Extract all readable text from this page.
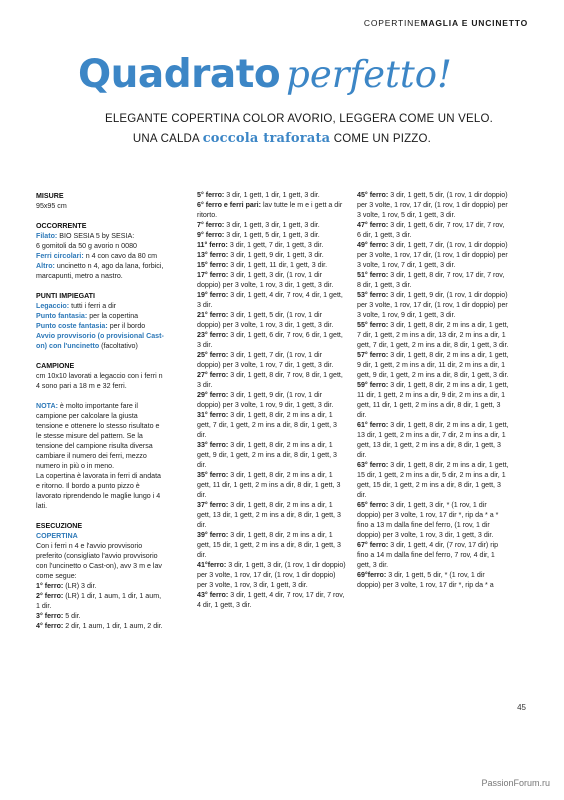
COPERTINEMAGLIA E UNCINETTO
Quadrato perfetto!
ELEGANTE COPERTINA COLOR AVORIO, LEGGERA COME UN VELO.
UNA CALDA coccola traforata COME UN PIZZO.

MISURE

95x95 cm

OCCORRENTE

Filato: BIO SESIA 5 by SESIA:

6 gomitoli da 50 g avorio n 0080

Ferri circolari: n 4 con cavo da 80 cm

Altro: uncinetto n 4, ago da lana, forbici, marcapunti, metro a nastro.

PUNTI IMPIEGATI

Legaccio: tutti i ferri a dir

Punto fantasia: per la copertina

Punto coste fantasia: per il bordo

Avvio provvisorio (o provisional Cast-on) con l'uncinetto (facoltativo)

CAMPIONE

cm 10x10 lavorati a legaccio con i ferri n 4 sono pari a 18 m e 32 ferri.

NOTA: è molto importante fare il campione per calcolare la giusta tensione e ottenere lo stesso risultato e le stesse misure del pattern. Se la tensione del campione risulta diversa cambiare il numero dei ferri, mezzo numero in più o in meno.

La copertina è lavorata in ferri di andata e ritorno. Il bordo a punto pizzo è lavorato riprendendo le maglie lungo i 4 lati.

ESECUZIONE

COPERTINA

Con i ferri n 4 e l'avvio provvisorio preferito (consigliato l'avvio provvisorio con l'uncinetto o Cast-on), avv 3 m e lav come segue:

1° ferro: (LR) 3 dir.

2° ferro: (LR) 1 dir, 1 aum, 1 dir, 1 aum, 1 dir.

3° ferro: 5 dir.

4° ferro: 2 dir, 1 aum, 1 dir, 1 aum, 2 dir.

5° ferro: 3 dir, 1 gett, 1 dir, 1 gett, 3 dir.

6° ferro e ferri pari: lav tutte le m e i gett a dir ritorto.

7° ferro: 3 dir, 1 gett, 3 dir, 1 gett, 3 dir.

9° ferro: 3 dir, 1 gett, 5 dir, 1 gett, 3 dir.

11° ferro: 3 dir, 1 gett, 7 dir, 1 gett, 3 dir.

13° ferro: 3 dir, 1 gett, 9 dir, 1 gett, 3 dir.

15° ferro: 3 dir, 1 gett, 11 dir, 1 gett, 3 dir.

17° ferro: 3 dir, 1 gett, 3 dir, (1 rov, 1 dir doppio) per 3 volte, 1 rov, 3 dir, 1 gett, 3 dir.

19° ferro: 3 dir, 1 gett, 4 dir, 7 rov, 4 dir, 1 gett, 3 dir.

21° ferro: 3 dir, 1 gett, 5 dir, (1 rov, 1 dir doppio) per 3 volte, 1 rov, 3 dir, 1 gett, 3 dir.

23° ferro: 3 dir, 1 gett, 6 dir, 7 rov, 6 dir, 1 gett, 3 dir.

25° ferro: 3 dir, 1 gett, 7 dir, (1 rov, 1 dir doppio) per 3 volte, 1 rov, 7 dir, 1 gett, 3 dir.

27° ferro: 3 dir, 1 gett, 8 dir, 7 rov, 8 dir, 1 gett, 3 dir.

29° ferro: 3 dir, 1 gett, 9 dir, (1 rov, 1 dir doppio) per 3 volte, 1 rov, 9 dir, 1 gett, 3 dir.

31° ferro: 3 dir, 1 gett, 8 dir, 2 m ins a dir, 1 gett, 7 dir, 1 gett, 2 m ins a dir, 8 dir, 1 gett, 3 dir.

33° ferro: 3 dir, 1 gett, 8 dir, 2 m ins a dir, 1 gett, 9 dir, 1 gett, 2 m ins a dir, 8 dir, 1 gett, 3 dir.

35° ferro: 3 dir, 1 gett, 8 dir, 2 m ins a dir, 1 gett, 11 dir, 1 gett, 2 m ins a dir, 8 dir, 1 gett, 3 dir.

37° ferro: 3 dir, 1 gett, 8 dir, 2 m ins a dir, 1 gett, 13 dir, 1 gett, 2 m ins a dir, 8 dir, 1 gett, 3 dir.

39° ferro: 3 dir, 1 gett, 8 dir, 2 m ins a dir, 1 gett, 15 dir, 1 gett, 2 m ins a dir, 8 dir, 1 gett, 3 dir.

41°ferro: 3 dir, 1 gett, 3 dir, (1 rov, 1 dir doppio) per 3 volte, 1 rov, 17 dir, (1 rov, 1 dir doppio) per 3 volte, 1 rov, 3 dir, 1 gett, 3 dir.

43° ferro: 3 dir, 1 gett, 4 dir, 7 rov, 17 dir, 7 rov, 4 dir, 1 gett, 3 dir.

45° ferro: 3 dir, 1 gett, 5 dir, (1 rov, 1 dir doppio) per 3 volte, 1 rov, 17 dir, (1 rov, 1 dir doppio) per 3 volte, 1 rov, 5 dir, 1 gett, 3 dir.

47° ferro: 3 dir, 1 gett, 6 dir, 7 rov, 17 dir, 7 rov, 6 dir, 1 gett, 3 dir.

49° ferro: 3 dir, 1 gett, 7 dir, (1 rov, 1 dir doppio) per 3 volte, 1 rov, 17 dir, (1 rov, 1 dir doppio) per 3 volte, 1 rov, 7 dir, 1 gett, 3 dir.

51° ferro: 3 dir, 1 gett, 8 dir, 7 rov, 17 dir, 7 rov, 8 dir, 1 gett, 3 dir.

53° ferro: 3 dir, 1 gett, 9 dir, (1 rov, 1 dir doppio) per 3 volte, 1 rov, 17 dir, (1 rov, 1 dir doppio) per 3 volte, 1 rov, 9 dir, 1 gett, 3 dir.

55° ferro: 3 dir, 1 gett, 8 dir, 2 m ins a dir, 1 gett, 7 dir, 1 gett, 2 m ins a dir, 13 dir, 2 m ins a dir, 1 gett, 7 dir, 1 gett, 2 m ins a dir, 8 dir, 1 gett, 3 dir.

57° ferro: 3 dir, 1 gett, 8 dir, 2 m ins a dir, 1 gett, 9 dir, 1 gett, 2 m ins a dir, 11 dir, 2 m ins a dir, 1 gett, 9 dir, 1 gett, 2 m ins a dir, 8 dir, 1 gett, 3 dir.

59° ferro: 3 dir, 1 gett, 8 dir, 2 m ins a dir, 1 gett, 11 dir, 1 gett, 2 m ins a dir, 9 dir, 2 m ins a dir, 1 gett, 11 dir, 1 gett, 2 m ins a dir, 8 dir, 1 gett, 3 dir.

61° ferro: 3 dir, 1 gett, 8 dir, 2 m ins a dir, 1 gett, 13 dir, 1 gett, 2 m ins a dir, 7 dir, 2 m ins a dir, 1 gett, 13 dir, 1 gett, 2 m ins a dir, 8 dir, 1 gett, 3 dir.

63° ferro: 3 dir, 1 gett, 8 dir, 2 m ins a dir, 1 gett, 15 dir, 1 gett, 2 m ins a dir, 5 dir, 2 m ins a dir, 1 gett, 15 dir, 1 gett, 2 m ins a dir, 8 dir, 1 gett, 3 dir.

65° ferro: 3 dir, 1 gett, 3 dir, * (1 rov, 1 dir doppio) per 3 volte, 1 rov, 17 dir *, rip da * a * fino a 13 m dalla fine del ferro, (1 rov, 1 dir doppio) per 3 volte, 1 rov, 3 dir, 1 gett, 3 dir.

67° ferro: 3 dir, 1 gett, 4 dir, (7 rov, 17 dir) rip fino a 14 m dalla fine del ferro, 7 rov, 4 dir, 1 gett, 3 dir.

69°ferro: 3 dir, 1 gett, 5 dir, * (1 rov, 1 dir doppio) per 3 volte, 1 rov, 17 dir *, rip da * a

45
PassionForum.ru
